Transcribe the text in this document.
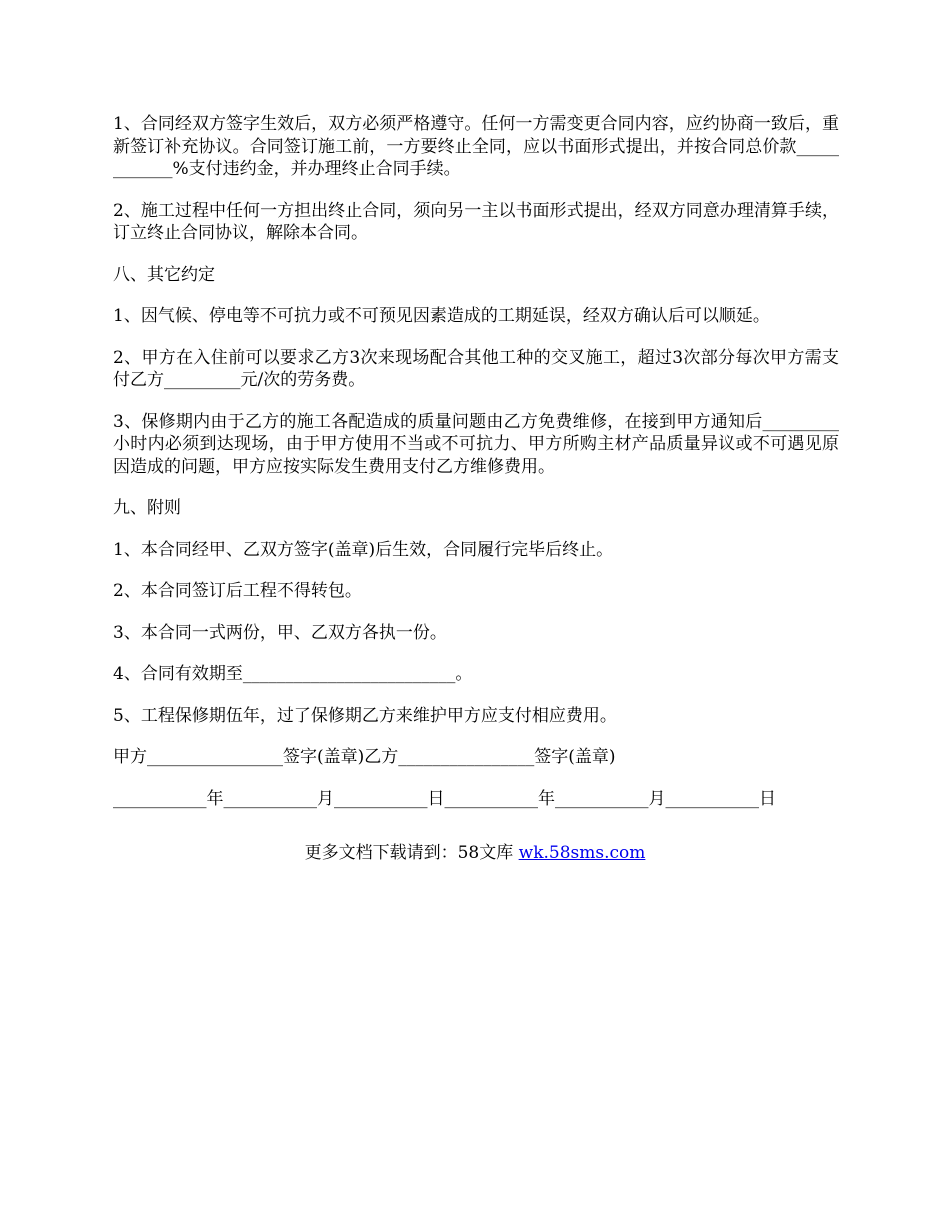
1、合同经双方签字生效后，双方必须严格遵守。任何一方需变更合同内容，应约协商一致后，重新签订补充协议。合同签订施工前，一方要终止全同，应以书面形式提出，并按合同总价款____________%支付违约金，并办理终止合同手续。

2、施工过程中任何一方担出终止合同，须向另一主以书面形式提出，经双方同意办理清算手续，订立终止合同协议，解除本合同。

八、其它约定

1、因气候、停电等不可抗力或不可预见因素造成的工期延误，经双方确认后可以顺延。

2、甲方在入住前可以要求乙方3次来现场配合其他工种的交叉施工，超过3次部分每次甲方需支付乙方_________元/次的劳务费。

3、保修期内由于乙方的施工各配造成的质量问题由乙方免费维修，在接到甲方通知后_________小时内必须到达现场，由于甲方使用不当或不可抗力、甲方所购主材产品质量异议或不可遇见原因造成的问题，甲方应按实际发生费用支付乙方维修费用。

九、附则

1、本合同经甲、乙双方签字(盖章)后生效，合同履行完毕后终止。

2、本合同签订后工程不得转包。

3、本合同一式两份，甲、乙双方各执一份。

4、合同有效期至_________________________。

5、工程保修期伍年，过了保修期乙方来维护甲方应支付相应费用。

甲方________________签字(盖章)乙方________________签字(盖章)

___________年___________月___________日___________年___________月___________日

更多文档下载请到：58文库 wk.58sms.com
